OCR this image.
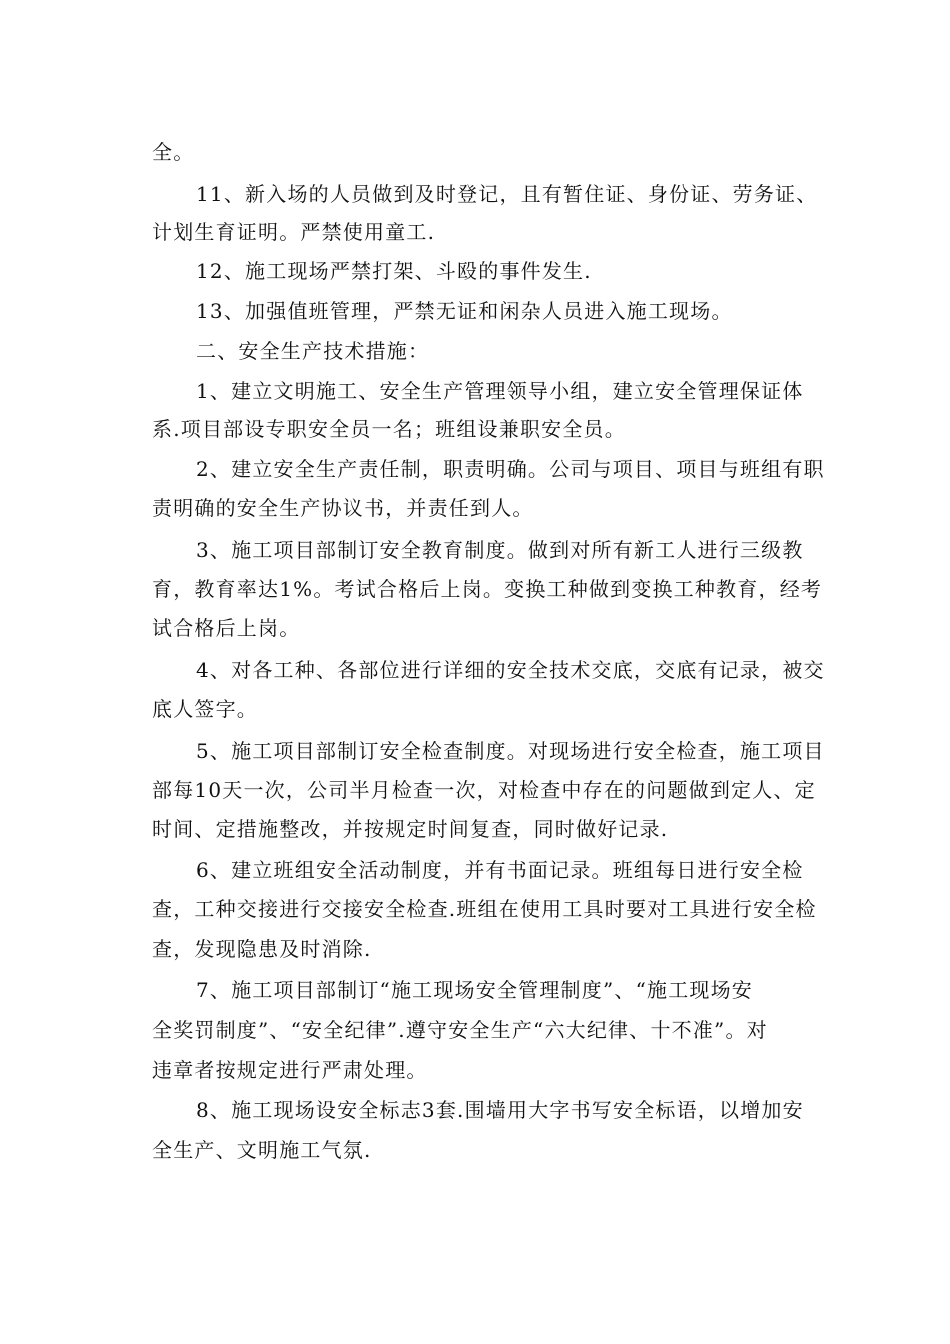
全。
11、新入场的人员做到及时登记，且有暂住证、身份证、劳务证、
计划生育证明。严禁使用童工.
12、施工现场严禁打架、斗殴的事件发生.
13、加强值班管理，严禁无证和闲杂人员进入施工现场。
二、安全生产技术措施：
1、建立文明施工、安全生产管理领导小组，建立安全管理保证体
系.项目部设专职安全员一名；班组设兼职安全员。
2、建立安全生产责任制，职责明确。公司与项目、项目与班组有职
责明确的安全生产协议书，并责任到人。
3、施工项目部制订安全教育制度。做到对所有新工人进行三级教
育，教育率达1%。考试合格后上岗。变换工种做到变换工种教育，经考
试合格后上岗。
4、对各工种、各部位进行详细的安全技术交底，交底有记录，被交
底人签字。
5、施工项目部制订安全检查制度。对现场进行安全检查，施工项目
部每10天一次，公司半月检查一次，对检查中存在的问题做到定人、定
时间、定措施整改，并按规定时间复查，同时做好记录.
6、建立班组安全活动制度，并有书面记录。班组每日进行安全检
查，工种交接进行交接安全检查.班组在使用工具时要对工具进行安全检
查，发现隐患及时消除.
7、施工项目部制订“施工现场安全管理制度”、“施工现场安
全奖罚制度”、“安全纪律”.遵守安全生产“六大纪律、十不准”。对
违章者按规定进行严肃处理。
8、施工现场设安全标志3套.围墙用大字书写安全标语，以增加安
全生产、文明施工气氛.
